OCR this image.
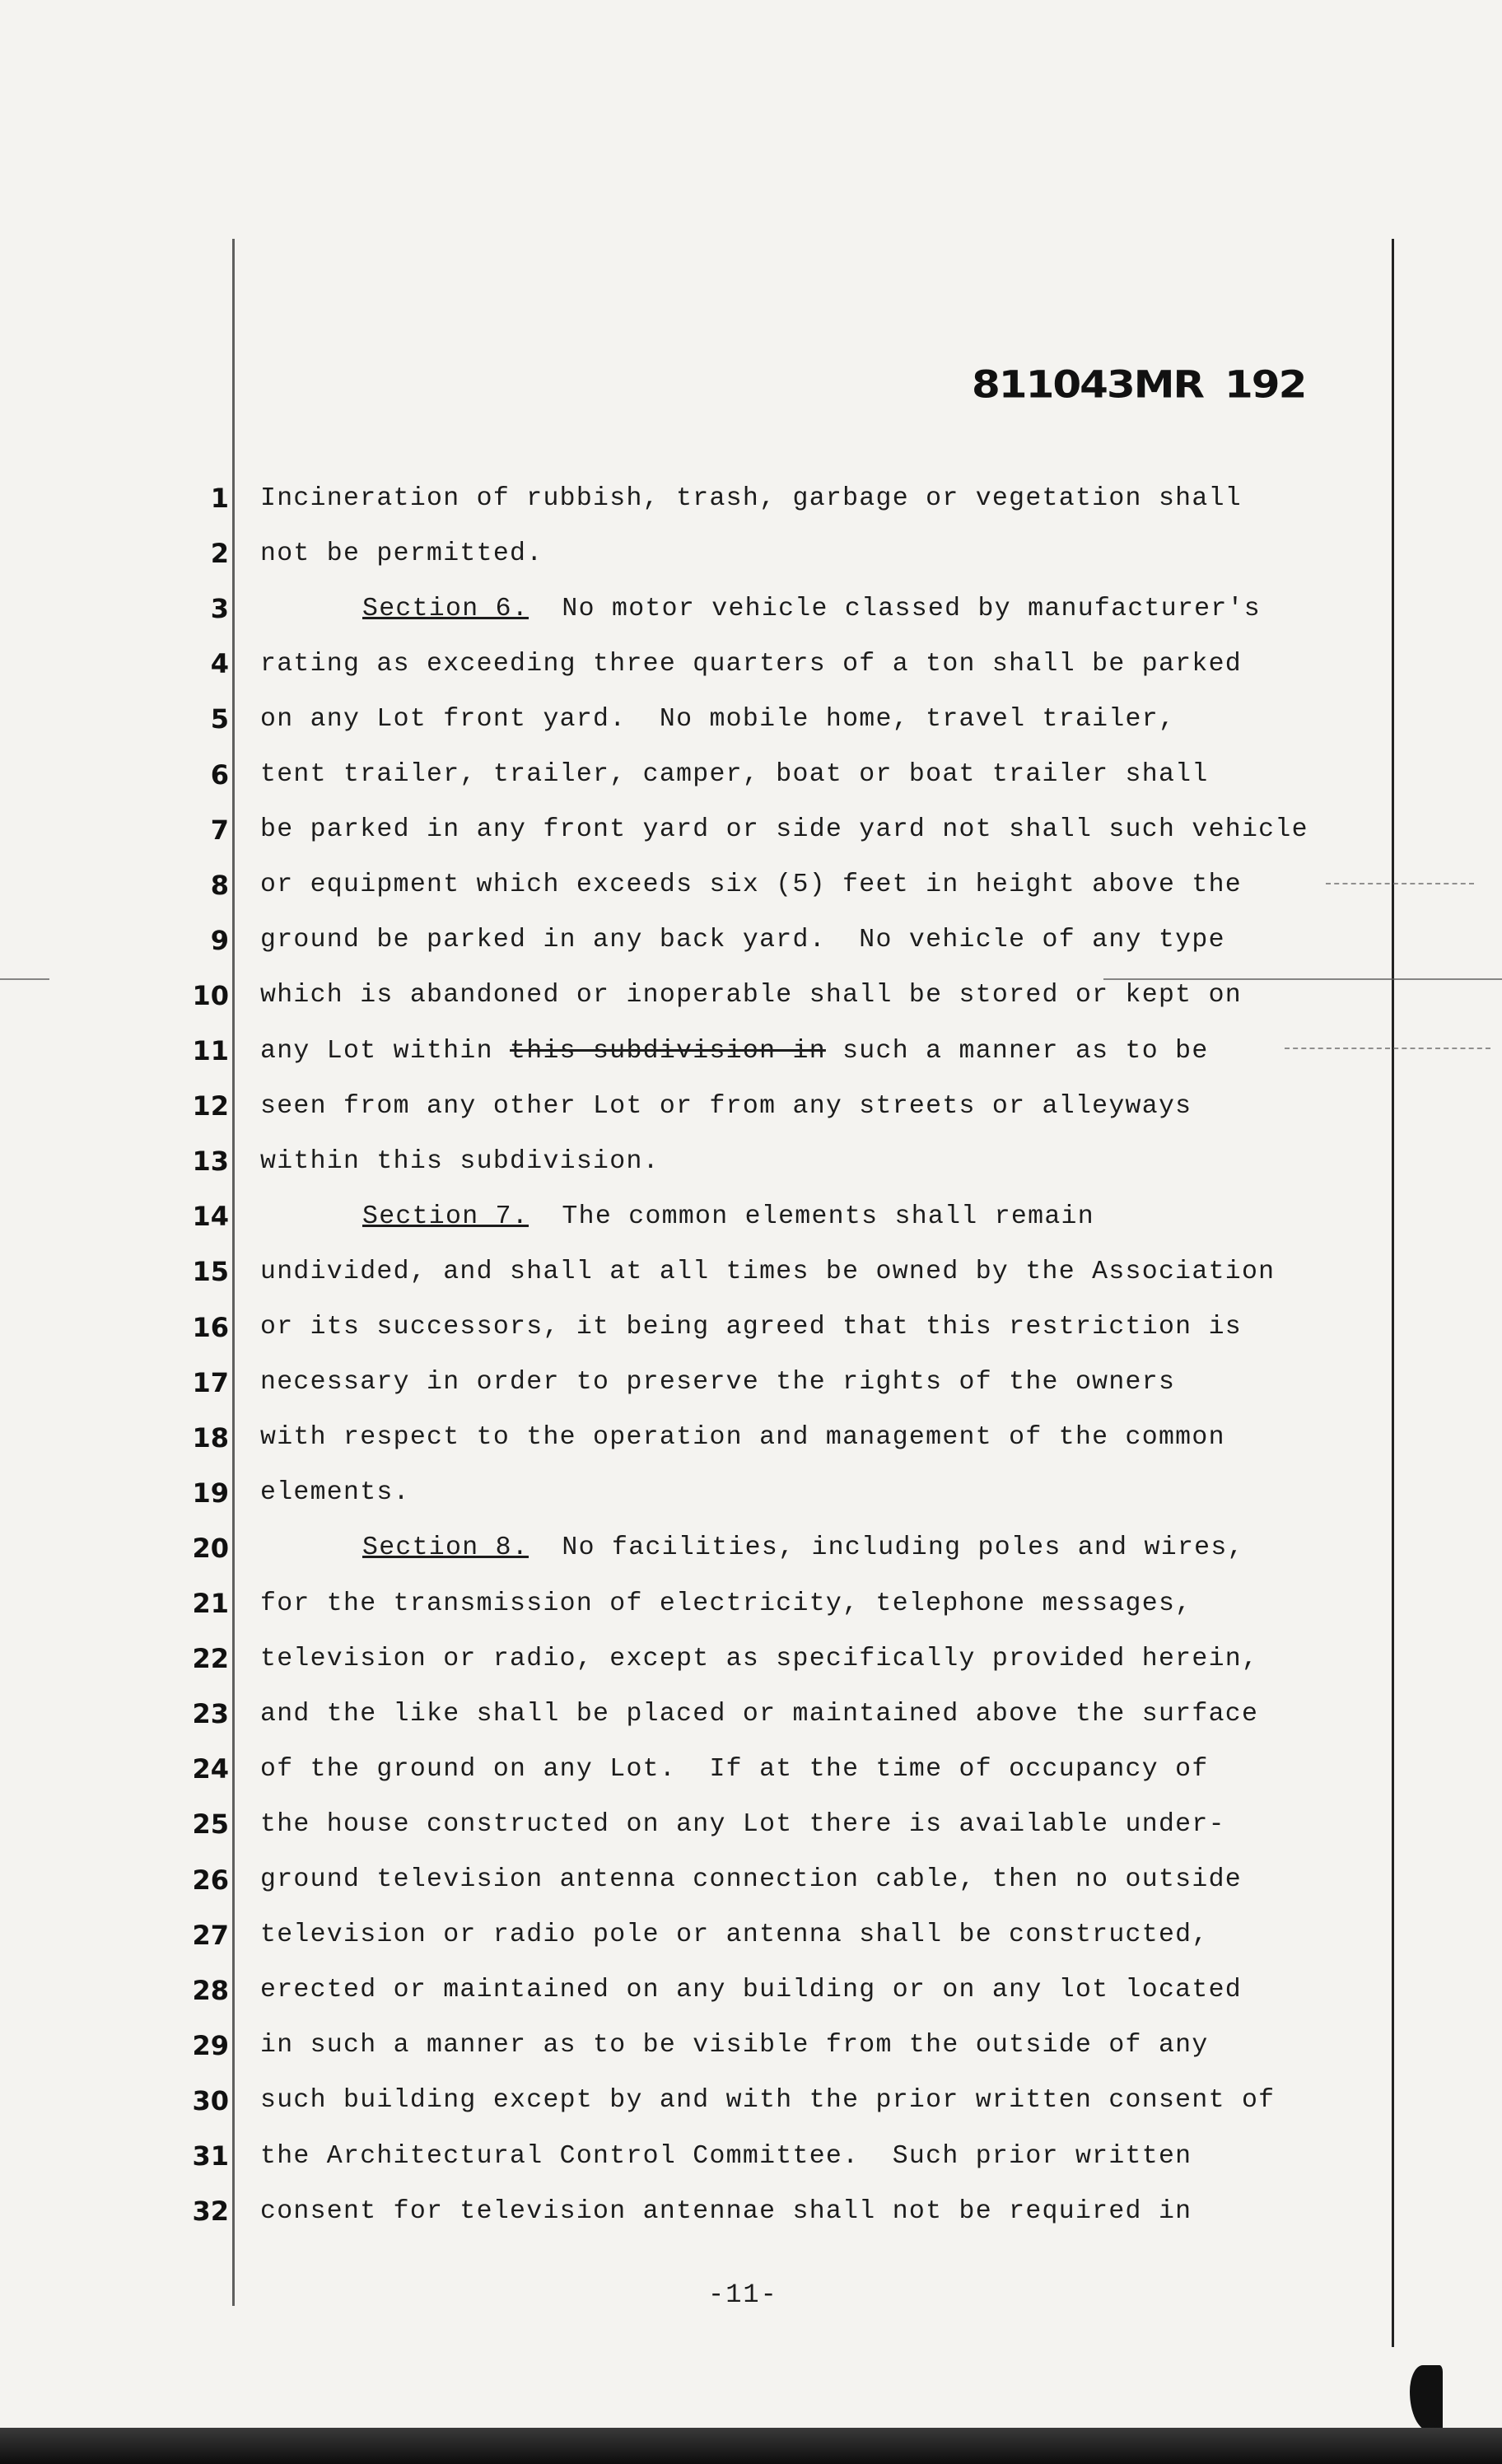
811043MR 192
1 Incineration of rubbish, trash, garbage or vegetation shall
2 not be permitted.
3	Section 6.  No motor vehicle classed by manufacturer's
4 rating as exceeding three quarters of a ton shall be parked
5 on any Lot front yard.  No mobile home, travel trailer,
6 tent trailer, trailer, camper, boat or boat trailer shall
7 be parked in any front yard or side yard not shall such vehicle
8 or equipment which exceeds six (5) feet in height above the
9 ground be parked in any back yard.  No vehicle of any type
10 which is abandoned or inoperable shall be stored or kept on
11 any Lot within this subdivision in such a manner as to be
12 seen from any other Lot or from any streets or alleyways
13 within this subdivision.
14	Section 7.  The common elements shall remain
15 undivided, and shall at all times be owned by the Association
16 or its successors, it being agreed that this restriction is
17 necessary in order to preserve the rights of the owners
18 with respect to the operation and management of the common
19 elements.
20	Section 8.  No facilities, including poles and wires,
21 for the transmission of electricity, telephone messages,
22 television or radio, except as specifically provided herein,
23 and the like shall be placed or maintained above the surface
24 of the ground on any Lot.  If at the time of occupancy of
25 the house constructed on any Lot there is available under-
26 ground television antenna connection cable, then no outside
27 television or radio pole or antenna shall be constructed,
28 erected or maintained on any building or on any lot located
29 in such a manner as to be visible from the outside of any
30 such building except by and with the prior written consent of
31 the Architectural Control Committee.  Such prior written
32 consent for television antennae shall not be required in
-11-
